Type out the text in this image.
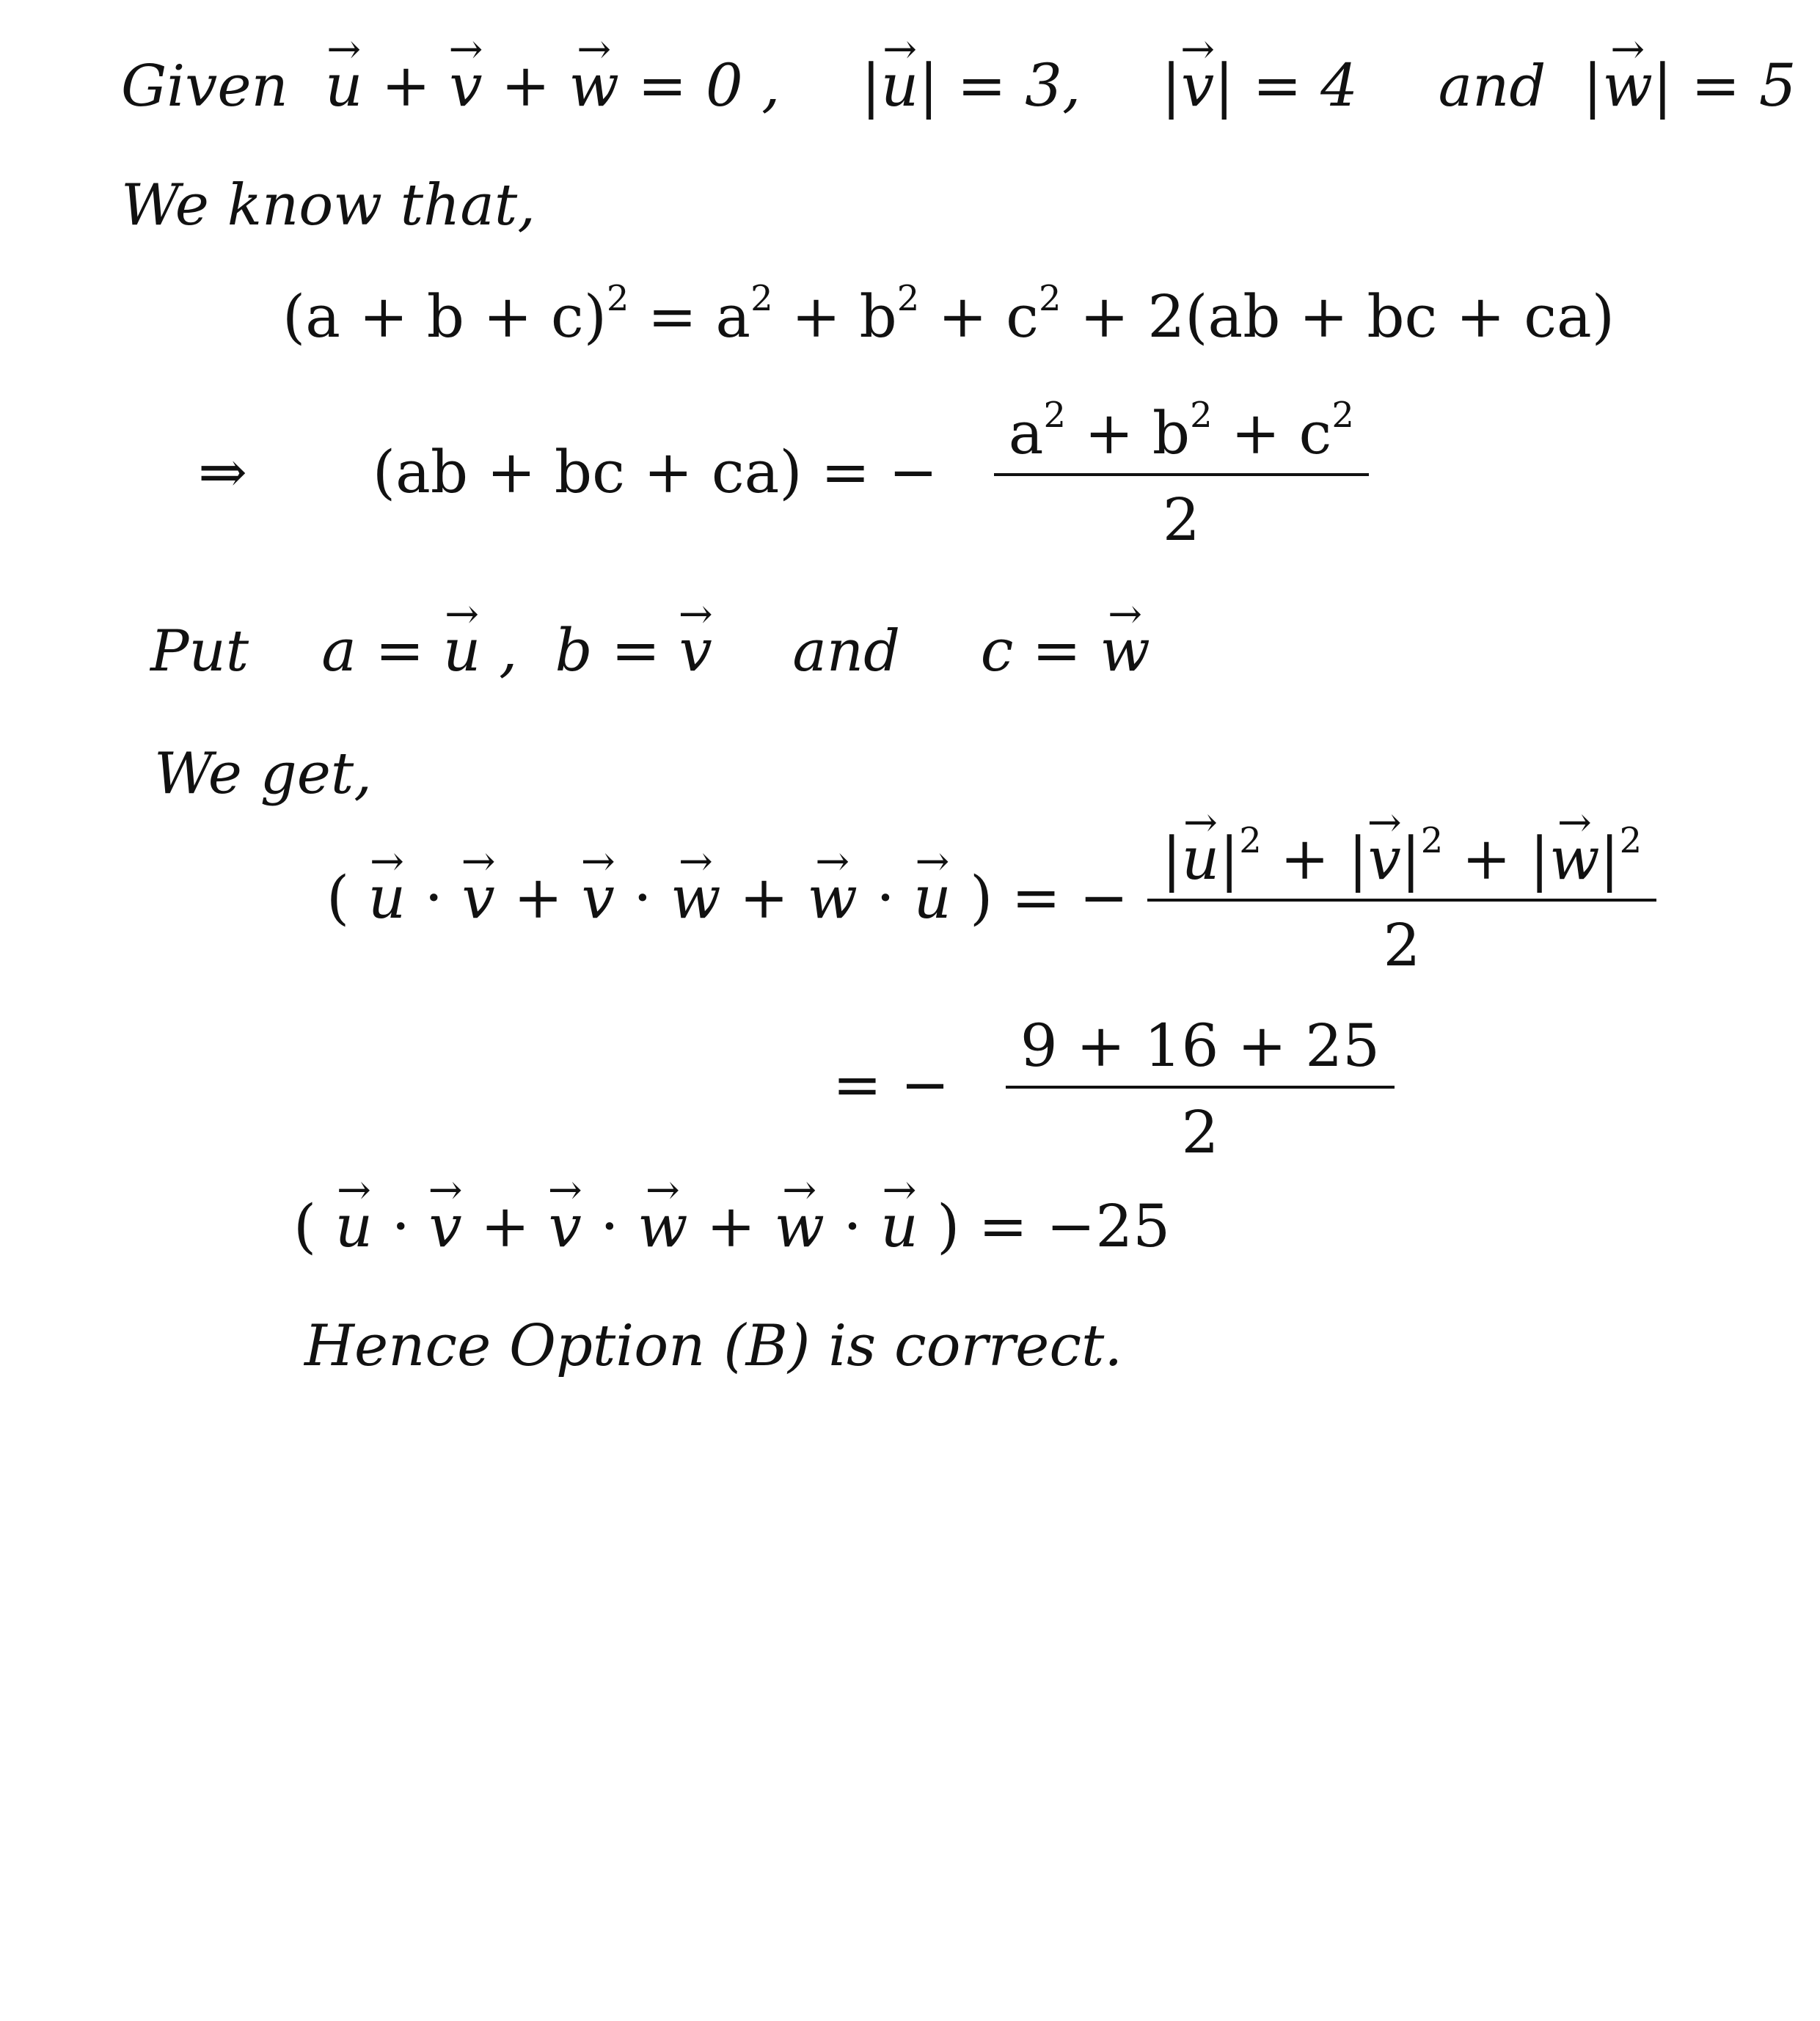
Given  → u + → v + → w = 0 ,  |→ u| = 3, |→ v| = 4 and  |→ w| = 5
We know that,
$(a + b + c)^2 = a^2 + b^2 + c^2 + 2(ab$ + bc + ca)
⇒ (ab + bc + ca) = − $\frac{a^2 + b^2 + c^2}{2}$
Put a = → u ,  b = → v and c = → w
We get,
( → u · → v + → v · → w + → w · → u ) = − $\frac{|\to u|^2 + |\to v|^2 + |\to w|^2}{2}$
= − $\frac{9 + 16 + 25}{2}$
( → u · → v + → v · → w + → w · → u ) = −25
Hence Option (B) is correct.
